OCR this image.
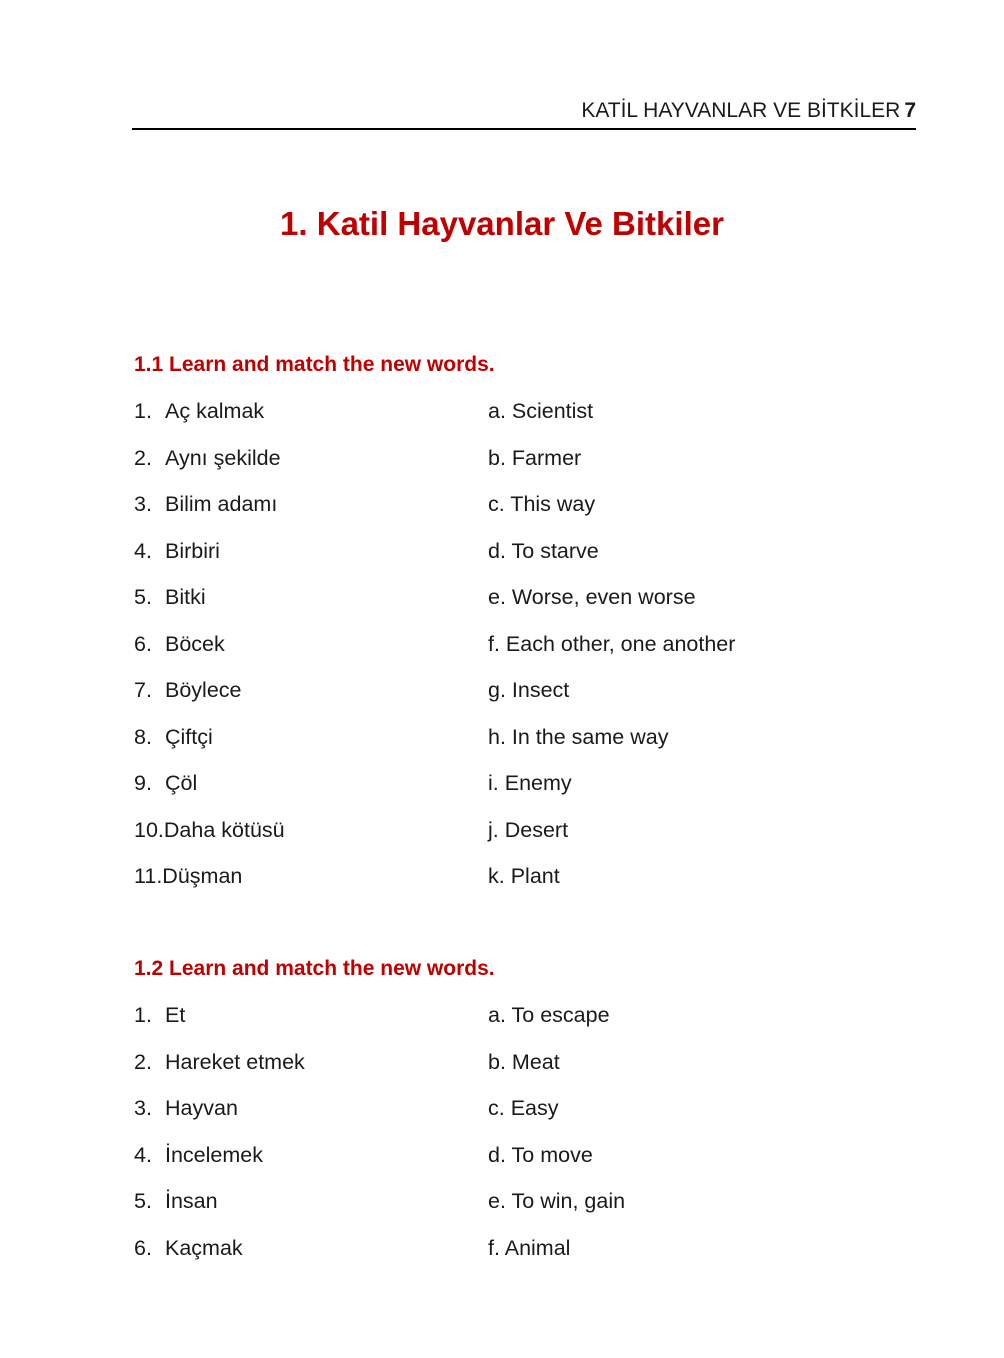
KATİL HAYVANLAR VE BİTKİLER 7
1. Katil Hayvanlar Ve Bitkiler
1.1 Learn and match the new words.
1. Aç kalmak	a. Scientist
2. Aynı şekilde	b. Farmer
3. Bilim adamı	c. This way
4. Birbiri	d. To starve
5. Bitki	e. Worse, even worse
6. Böcek	f. Each other, one another
7. Böylece	g. Insect
8. Çiftçi	h. In the same way
9. Çöl	i. Enemy
10.Daha kötüsü	j. Desert
11.Düşman	k. Plant
1.2 Learn and match the new words.
1. Et	a. To escape
2. Hareket etmek	b. Meat
3. Hayvan	c. Easy
4. İncelemek	d. To move
5. İnsan	e. To win, gain
6. Kaçmak	f. Animal
